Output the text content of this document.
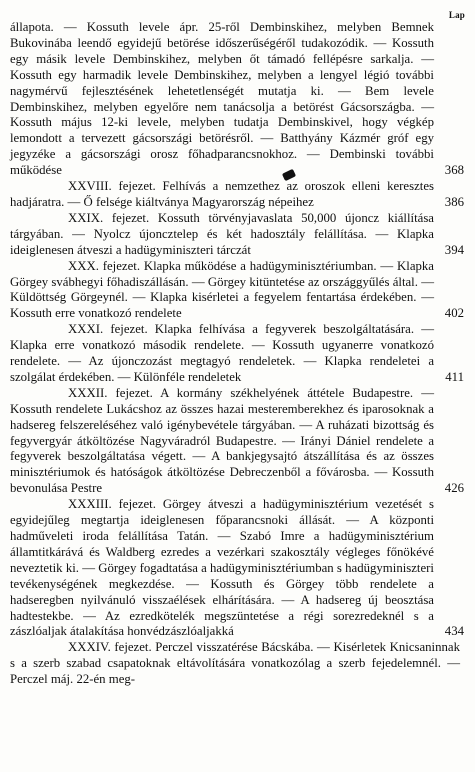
Lap
állapota. — Kossuth levele ápr. 25-ről Dembinskihez, melyben Bemnek Bukovinába leendő egyidejű betörése időszerűségéről tudakozódik. — Kossuth egy másik levele Dembinskihez, melyben őt támadó fellépésre sarkalja. — Kossuth egy harmadik levele Dembinskihez, melyben a lengyel légió további nagymérvű fejlesztésének lehetetlenségét mutatja ki. — Bem levele Dembinskihez, melyben egyelőre nem tanácsolja a betörést Gácsországba. — Kossuth május 12-ki levele, melyben tudatja Dembinskivel, hogy végkép lemondott a tervezett gácsországi betörésről. — Batthyány Kázmér gróf egy jegyzéke a gácsországi orosz főhadparancsnokhoz. — Dembinski további működése	368
XXVIII. fejezet. Felhívás a nemzethez az oroszok elleni keresztes hadjáratra. — Ő felsége kiáltványa Magyarország népeihez	386
XXIX. fejezet. Kossuth törvényjavaslata 50,000 újoncz kiállítása tárgyában. — Nyolcz újonczteleр és két hadosztály felállítása. — Klapka ideiglenesen átveszi a hadügyminiszteri tárczát	394
XXX. fejezet. Klapka működése a hadügyminisztériumban. — Klapka Görgey svábhegyi főhadiszállásán. — Görgey kitüntetése az országgyűlés által. — Küldöttség Görgeynél. — Klapka kisérletei a fegyelem fentartása érdekében. — Kossuth erre vonatkozó rendelete	402
XXXI. fejezet. Klapka felhívása a fegyverek beszolgáltatására. — Klapka erre vonatkozó második rendelete. — Kossuth ugyanerre vonatkozó rendelete. — Az újonczozást megtagyó rendeletek. — Klapka rendeletei a szolgálat érdekében. — Különféle rendeletek	411
XXXII. fejezet. A kormány székhelyének áttétele Budapestre. — Kossuth rendelete Lukácshoz az összes hazai mesteremberekhez és iparosoknak a hadsereg felszereléséhez való igénybevétele tárgyában. — A ruházati bizottság és fegyvergyár átköltözése Nagyváradról Budapestre. — Irányi Dániel rendelete a fegyverek beszolgáltatása végett. — A bankjegysajtó átszállítása és az összes minisztériumok és hatóságok átköltözése Debreczenből a fővárosba. — Kossuth bevonulása Pestre	426
XXXIII. fejezet. Görgey átveszi a hadügyminisztérium vezetését s egyidejűleg megtartja ideiglenesen főparancsnoki állását. — A központi hadműveleti iroda felállítása Tatán. — Szabó Imre a hadügyminisztérium államtitkárává és Waldberg ezredes a vezérkari szakosztály végleges főnökévé neveztetik ki. — Görgey fogadtatása a hadügyminisztériumban s hadügyminiszteri tevékenységének megkezdése. — Kossuth és Görgey több rendelete a hadseregben nyilvánuló visszaélések elhárítására. — A hadsereg új beosztása hadtestekbe. — Az ezredkötelék megszüntetése a régi sorezredeknél s a zászlóaljak átalakítása honvédzászlóaljakká	434
XXXIV. fejezet. Perczel visszatérése Bácskába. — Kisérletek Knicsaninnak s a szerb szabad csapatoknak eltávolítására vonatkozólag a szerb fejedelemnél. — Perczel máj. 22-én meg-
